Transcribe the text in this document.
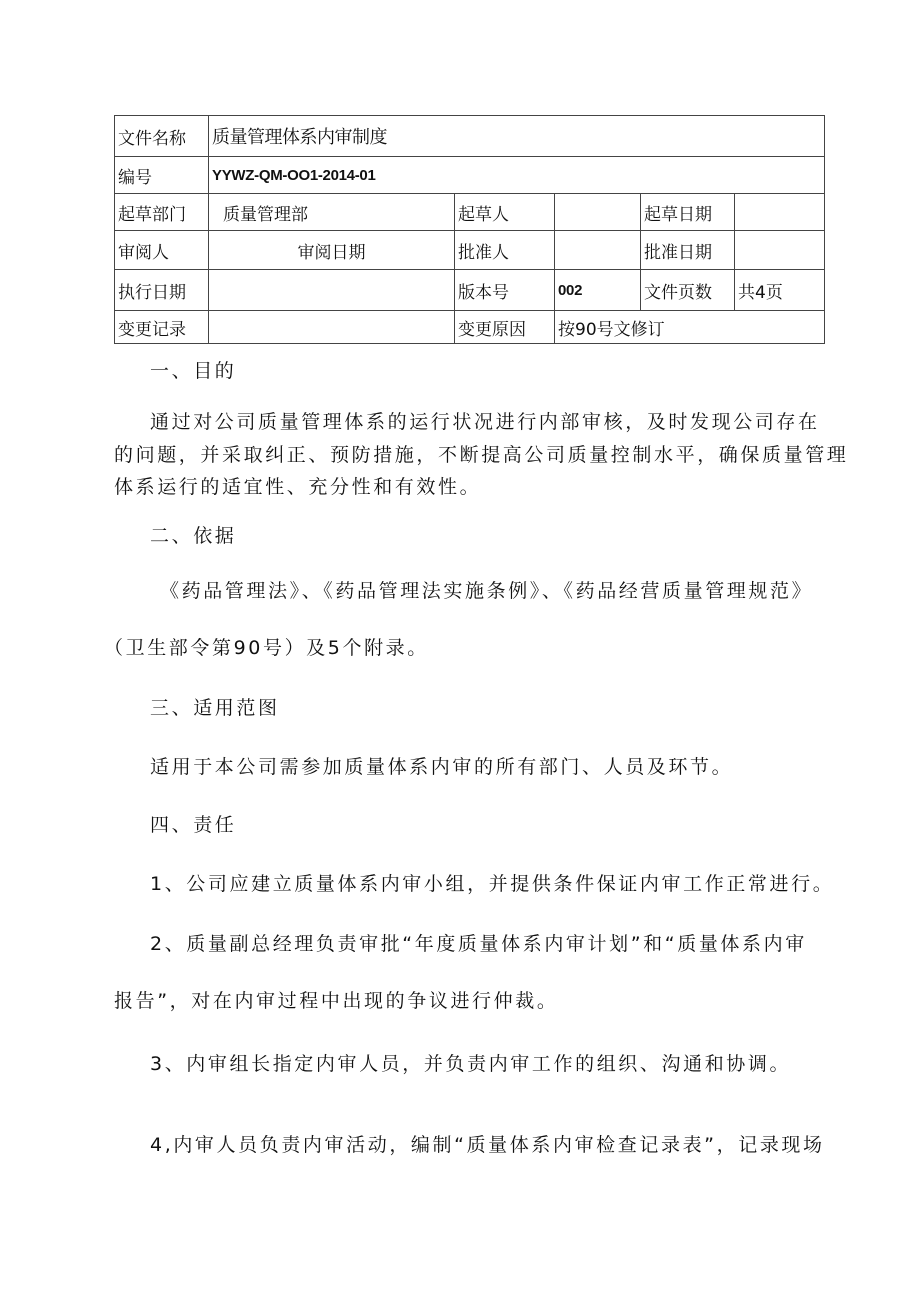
文件名称	质量管理体系内审制度				
编号	YYWZ-QM-OO1-2014-01				
起草部门	质量管理部	起草人		起草日期	
审阅人	审阅日期	批准人		批准日期	
执行日期		版本号	002	文件页数	共4页
变更记录		变更原因	按90号文修订		
一、目的
通过对公司质量管理体系的运行状况进行内部审核，及时发现公司存在
的问题，并采取纠正、预防措施，不断提高公司质量控制水平，确保质量管理
体系运行的适宜性、充分性和有效性。
二、依据
《药品管理法》、《药品管理法实施条例》、《药品经营质量管理规范》
（卫生部令第90号）及5个附录。
三、适用范图
适用于本公司需参加质量体系内审的所有部门、人员及环节。
四、责任
1、公司应建立质量体系内审小组，并提供条件保证内审工作正常进行。
2、质量副总经理负责审批“年度质量体系内审计划”和“质量体系内审
报告”，对在内审过程中出现的争议进行仲裁。
3、内审组长指定内审人员，并负责内审工作的组织、沟通和协调。
4,内审人员负责内审活动，编制“质量体系内审检查记录表”，记录现场
